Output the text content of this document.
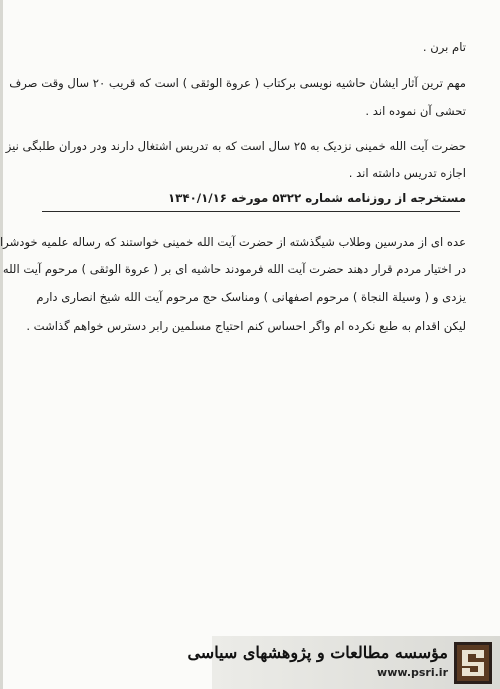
تام برن .
مهم ترین آثار ایشان حاشیه نویسی برکتاب ( عروة الوثقی ) است که قریب ۲۰ سال وقت صرف
تحشی آن نموده اند .
حضرت آیت الله خمینی نزدیک به ۲۵ سال است که به تدریس اشتغال دارند ودر دوران طلبگی نیز
اجازه تدریس داشته اند .
مستخرجه از روزنامه شماره ۵۳۲۲ مورخه ۱۳۴۰/۱/۱۶
عده ای از مدرسین وطلاب شیگذشته از حضرت آیت الله خمینی خواستند که رساله علمیه خودشرا
در اختیار مردم قرار دهند حضرت آیت الله فرمودند حاشیه ای بر ( عروة الوثقی ) مرحوم آیت الله
یزدی و ( وسیلة النجاة ) مرحوم اصفهانی ) ومناسک حج مرحوم آیت الله شیخ انصاری دارم
لیکن اقدام به طبع نکرده ام واگر احساس کنم احتیاج مسلمین رابر دسترس خواهم گذاشت .
مؤسسه مطالعات و پژوهشهای سیاسی
www.psri.ir
